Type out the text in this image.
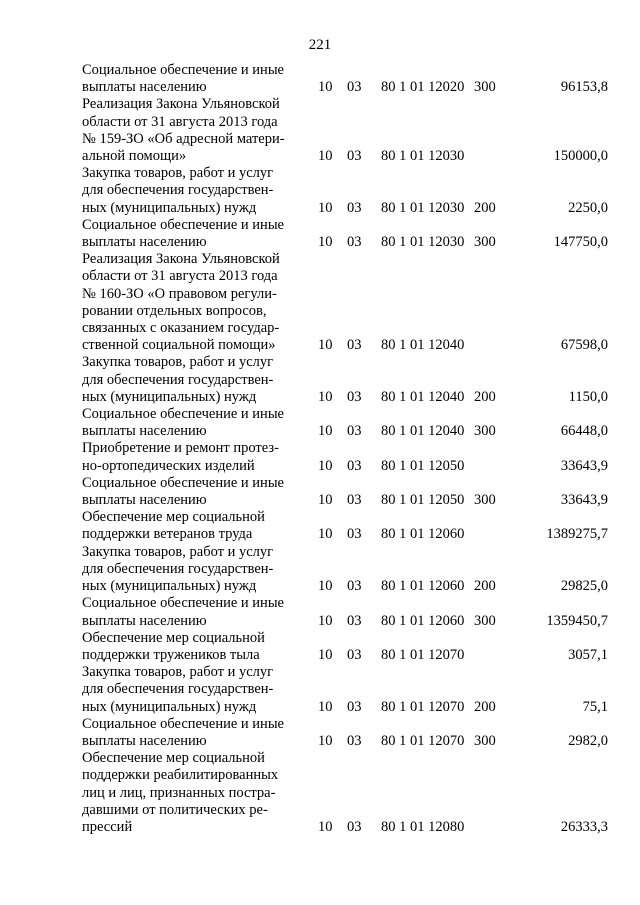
221
Социальное обеспечение и иные
выплаты населению	10 03 80 1 01 12020 300	96153,8
Реализация Закона Ульяновской
области от 31 августа 2013 года
№ 159-ЗО «Об адресной матери-
альной помощи»	10 03 80 1 01 12030	150000,0
Закупка товаров, работ и услуг
для обеспечения государствен-
ных (муниципальных) нужд	10 03 80 1 01 12030 200	2250,0
Социальное обеспечение и иные
выплаты населению	10 03 80 1 01 12030 300	147750,0
Реализация Закона Ульяновской
области от 31 августа 2013 года
№ 160-ЗО «О правовом регули-
ровании отдельных вопросов,
связанных с оказанием государ-
ственной социальной помощи»	10 03 80 1 01 12040	67598,0
Закупка товаров, работ и услуг
для обеспечения государствен-
ных (муниципальных) нужд	10 03 80 1 01 12040 200	1150,0
Социальное обеспечение и иные
выплаты населению	10 03 80 1 01 12040 300	66448,0
Приобретение и ремонт протез-
но-ортопедических изделий	10 03 80 1 01 12050	33643,9
Социальное обеспечение и иные
выплаты населению	10 03 80 1 01 12050 300	33643,9
Обеспечение мер социальной
поддержки ветеранов труда	10 03 80 1 01 12060	1389275,7
Закупка товаров, работ и услуг
для обеспечения государствен-
ных (муниципальных) нужд	10 03 80 1 01 12060 200	29825,0
Социальное обеспечение и иные
выплаты населению	10 03 80 1 01 12060 300	1359450,7
Обеспечение мер социальной
поддержки тружеников тыла	10 03 80 1 01 12070	3057,1
Закупка товаров, работ и услуг
для обеспечения государствен-
ных (муниципальных) нужд	10 03 80 1 01 12070 200	75,1
Социальное обеспечение и иные
выплаты населению	10 03 80 1 01 12070 300	2982,0
Обеспечение мер социальной
поддержки реабилитированных
лиц и лиц, признанных постра-
давшими от политических ре-
прессий	10 03 80 1 01 12080	26333,3
